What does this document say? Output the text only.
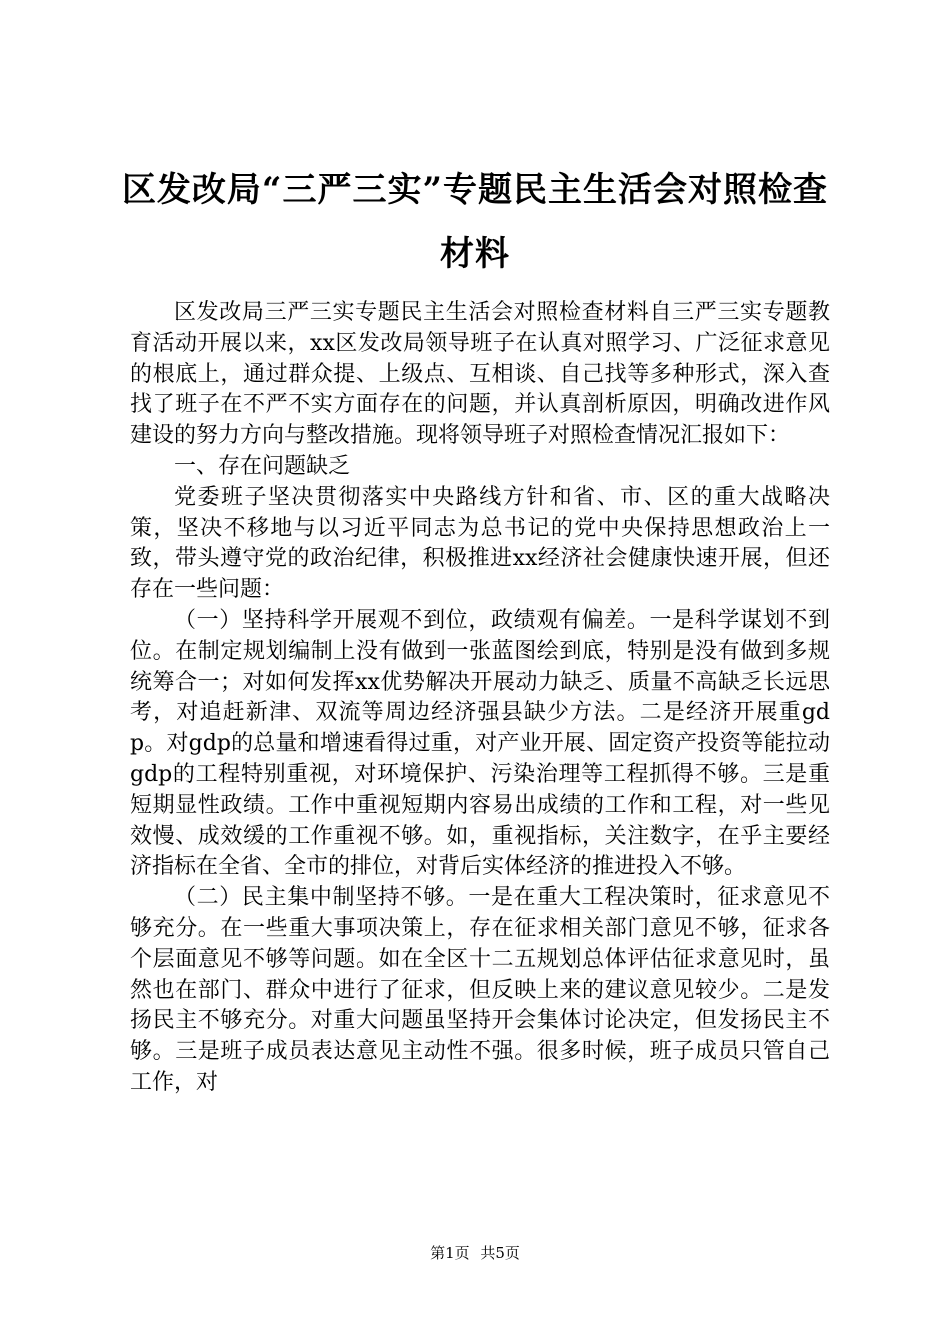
区发改局“三严三实”专题民主生活会对照检查材料

区发改局三严三实专题民主生活会对照检查材料自三严三实专题教育活动开展以来，xx区发改局领导班子在认真对照学习、广泛征求意见的根底上，通过群众提、上级点、互相谈、自己找等多种形式，深入查找了班子在不严不实方面存在的问题，并认真剖析原因，明确改进作风建设的努力方向与整改措施。现将领导班子对照检查情况汇报如下：

一、存在问题缺乏

党委班子坚决贯彻落实中央路线方针和省、市、区的重大战略决策，坚决不移地与以习近平同志为总书记的党中央保持思想政治上一致，带头遵守党的政治纪律，积极推进xx经济社会健康快速开展，但还存在一些问题：

（一）坚持科学开展观不到位，政绩观有偏差。一是科学谋划不到位。在制定规划编制上没有做到一张蓝图绘到底，特别是没有做到多规统筹合一；对如何发挥xx优势解决开展动力缺乏、质量不高缺乏长远思考，对追赶新津、双流等周边经济强县缺少方法。二是经济开展重gdp。对gdp的总量和增速看得过重，对产业开展、固定资产投资等能拉动gdp的工程特别重视，对环境保护、污染治理等工程抓得不够。三是重短期显性政绩。工作中重视短期内容易出成绩的工作和工程，对一些见效慢、成效缓的工作重视不够。如，重视指标，关注数字，在乎主要经济指标在全省、全市的排位，对背后实体经济的推进投入不够。

（二）民主集中制坚持不够。一是在重大工程决策时，征求意见不够充分。在一些重大事项决策上，存在征求相关部门意见不够，征求各个层面意见不够等问题。如在全区十二五规划总体评估征求意见时，虽然也在部门、群众中进行了征求，但反映上来的建议意见较少。二是发扬民主不够充分。对重大问题虽坚持开会集体讨论决定，但发扬民主不够。三是班子成员表达意见主动性不强。很多时候，班子成员只管自己工作，对

第1页 共5页
